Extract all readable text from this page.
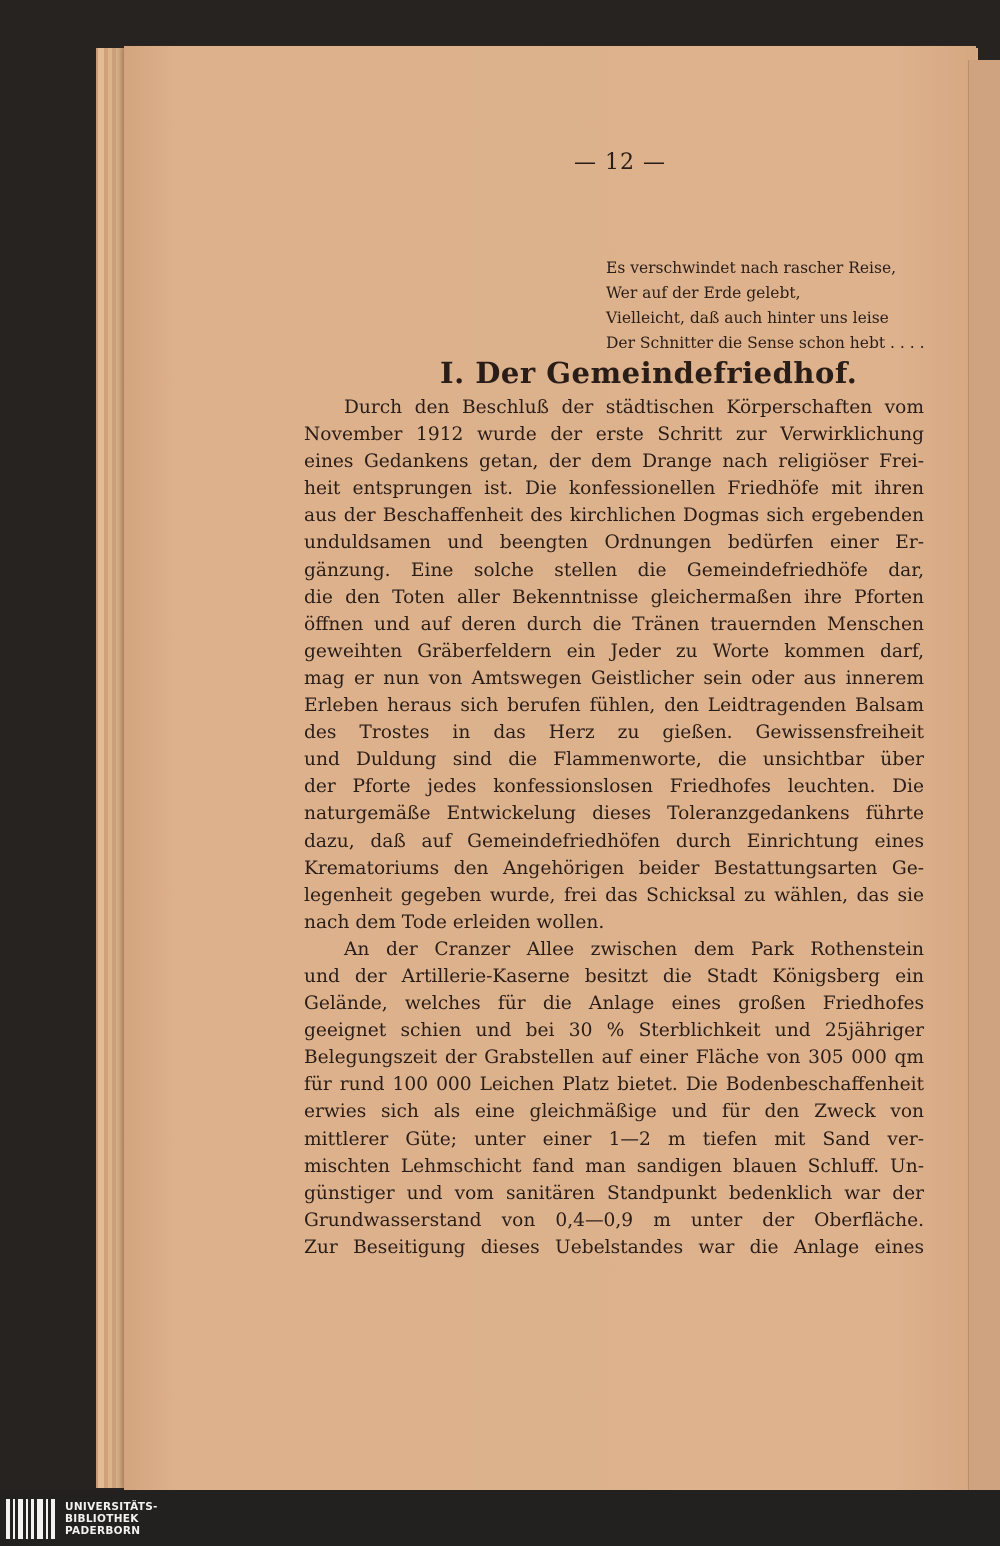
— 12 —
Es verschwindet nach rascher Reise,
Wer auf der Erde gelebt,
Vielleicht, daß auch hinter uns leise
Der Schnitter die Sense schon hebt . . . .
I. Der Gemeindefriedhof.
Durch den Beschluß der städtischen Körperschaften vom
November 1912 wurde der erste Schritt zur Verwirklichung
eines Gedankens getan, der dem Drange nach religiöser Frei-
heit entsprungen ist. Die konfessionellen Friedhöfe mit ihren
aus der Beschaffenheit des kirchlichen Dogmas sich ergebenden
unduldsamen und beengten Ordnungen bedürfen einer Er-
gänzung. Eine solche stellen die Gemeindefriedhöfe dar,
die den Toten aller Bekenntnisse gleichermaßen ihre Pforten
öffnen und auf deren durch die Tränen trauernden Menschen
geweihten Gräberfeldern ein Jeder zu Worte kommen darf,
mag er nun von Amtswegen Geistlicher sein oder aus innerem
Erleben heraus sich berufen fühlen, den Leidtragenden Balsam
des Trostes in das Herz zu gießen. Gewissensfreiheit
und Duldung sind die Flammenworte, die unsichtbar über
der Pforte jedes konfessionslosen Friedhofes leuchten. Die
naturgemäße Entwickelung dieses Toleranzgedankens führte
dazu, daß auf Gemeindefriedhöfen durch Einrichtung eines
Krematoriums den Angehörigen beider Bestattungsarten Ge-
legenheit gegeben wurde, frei das Schicksal zu wählen, das sie
nach dem Tode erleiden wollen.
An der Cranzer Allee zwischen dem Park Rothenstein
und der Artillerie-Kaserne besitzt die Stadt Königsberg ein
Gelände, welches für die Anlage eines großen Friedhofes
geeignet schien und bei 30 % Sterblichkeit und 25jähriger
Belegungszeit der Grabstellen auf einer Fläche von 305 000 qm
für rund 100 000 Leichen Platz bietet. Die Bodenbeschaffenheit
erwies sich als eine gleichmäßige und für den Zweck von
mittlerer Güte; unter einer 1—2 m tiefen mit Sand ver-
mischten Lehmschicht fand man sandigen blauen Schluff. Un-
günstiger und vom sanitären Standpunkt bedenklich war der
Grundwasserstand von 0,4—0,9 m unter der Oberfläche.
Zur Beseitigung dieses Uebelstandes war die Anlage eines
UNIVERSITÄTS-
BIBLIOTHEK
PADERBORN
